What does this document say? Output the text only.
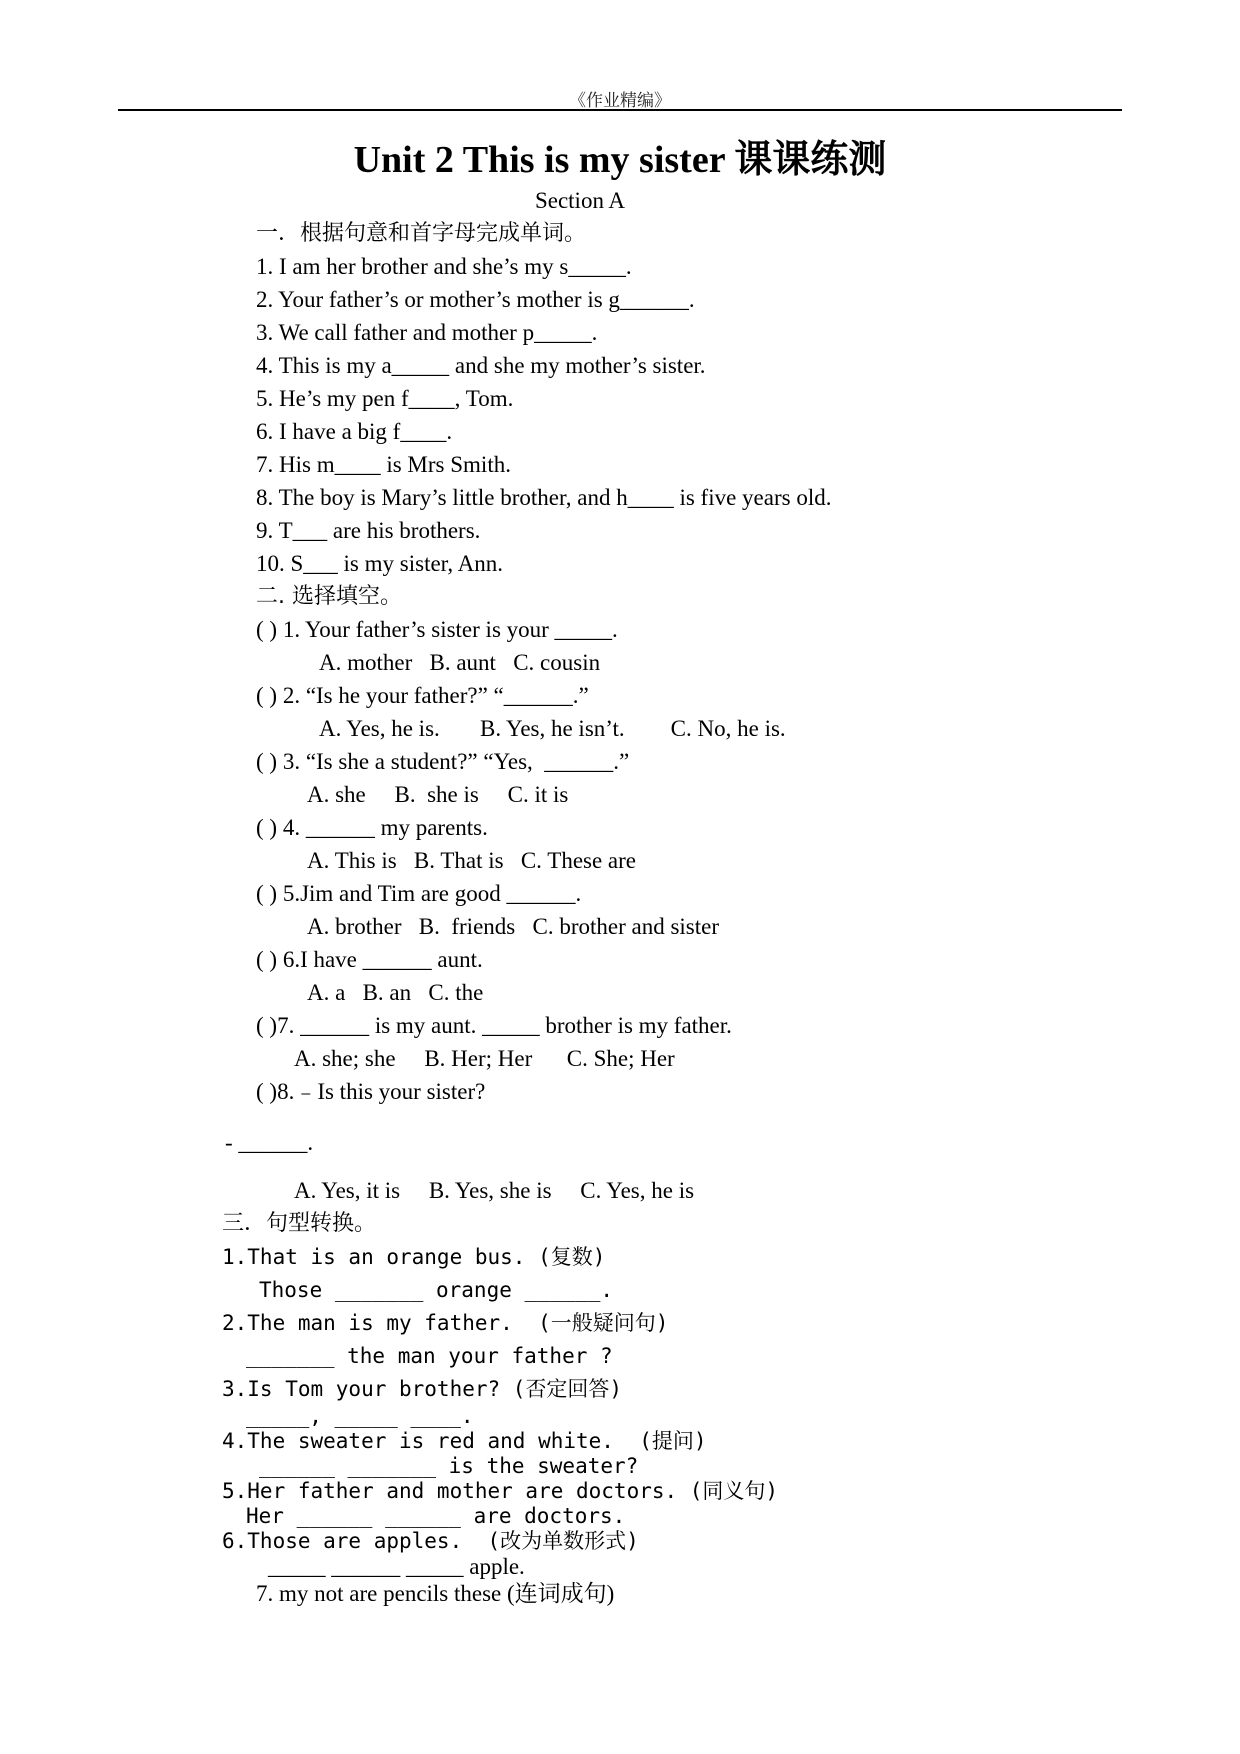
《作业精编》
Unit 2 This is my sister 课课练测
Section A
一．根据句意和首字母完成单词。
1. I am her brother and she’s my s_____.
2. Your father’s or mother’s mother is g______.
3. We call father and mother p_____.
4. This is my a_____ and she my mother’s sister.
5. He’s my pen f____, Tom.
6. I have a big f____.
7. His m____ is Mrs Smith.
8. The boy is Mary’s little brother, and h____ is five years old.
9. T___ are his brothers.
10. S___ is my sister, Ann.
二. 选择填空。
( ) 1. Your father’s sister is your _____.
A. mother   B. aunt   C. cousin
( ) 2. “Is he your father?” “______.”
A. Yes, he is.       B. Yes, he isn’t.        C. No, he is.
( ) 3. “Is she a student?” “Yes,  ______.”
A. she     B.  she is     C. it is
( ) 4. ______ my parents.
A. This is   B. That is   C. These are
( ) 5.Jim and Tim are good ______.
A. brother   B.  friends   C. brother and sister
( ) 6.I have ______ aunt.
A. a   B. an   C. the
( )7. ______ is my aunt. _____ brother is my father.
A. she; she     B. Her; Her      C. She; Her
( )8.﹣Is this your sister?
- ______.
A. Yes, it is     B. Yes, she is     C. Yes, he is
三．句型转换。
1.That is an orange bus. (复数)
Those _______ orange ______.
2.The man is my father.  (一般疑问句)
_______ the man your father ?
3.Is Tom your brother? (否定回答)
_____, _____ ____.
4.The sweater is red and white.  (提问)
______ _______ is the sweater?
5.Her father and mother are doctors. (同义句)
Her ______ ______ are doctors.
6.Those are apples.  (改为单数形式)
_____ ______ _____ apple.
7. my not are pencils these (连词成句)
